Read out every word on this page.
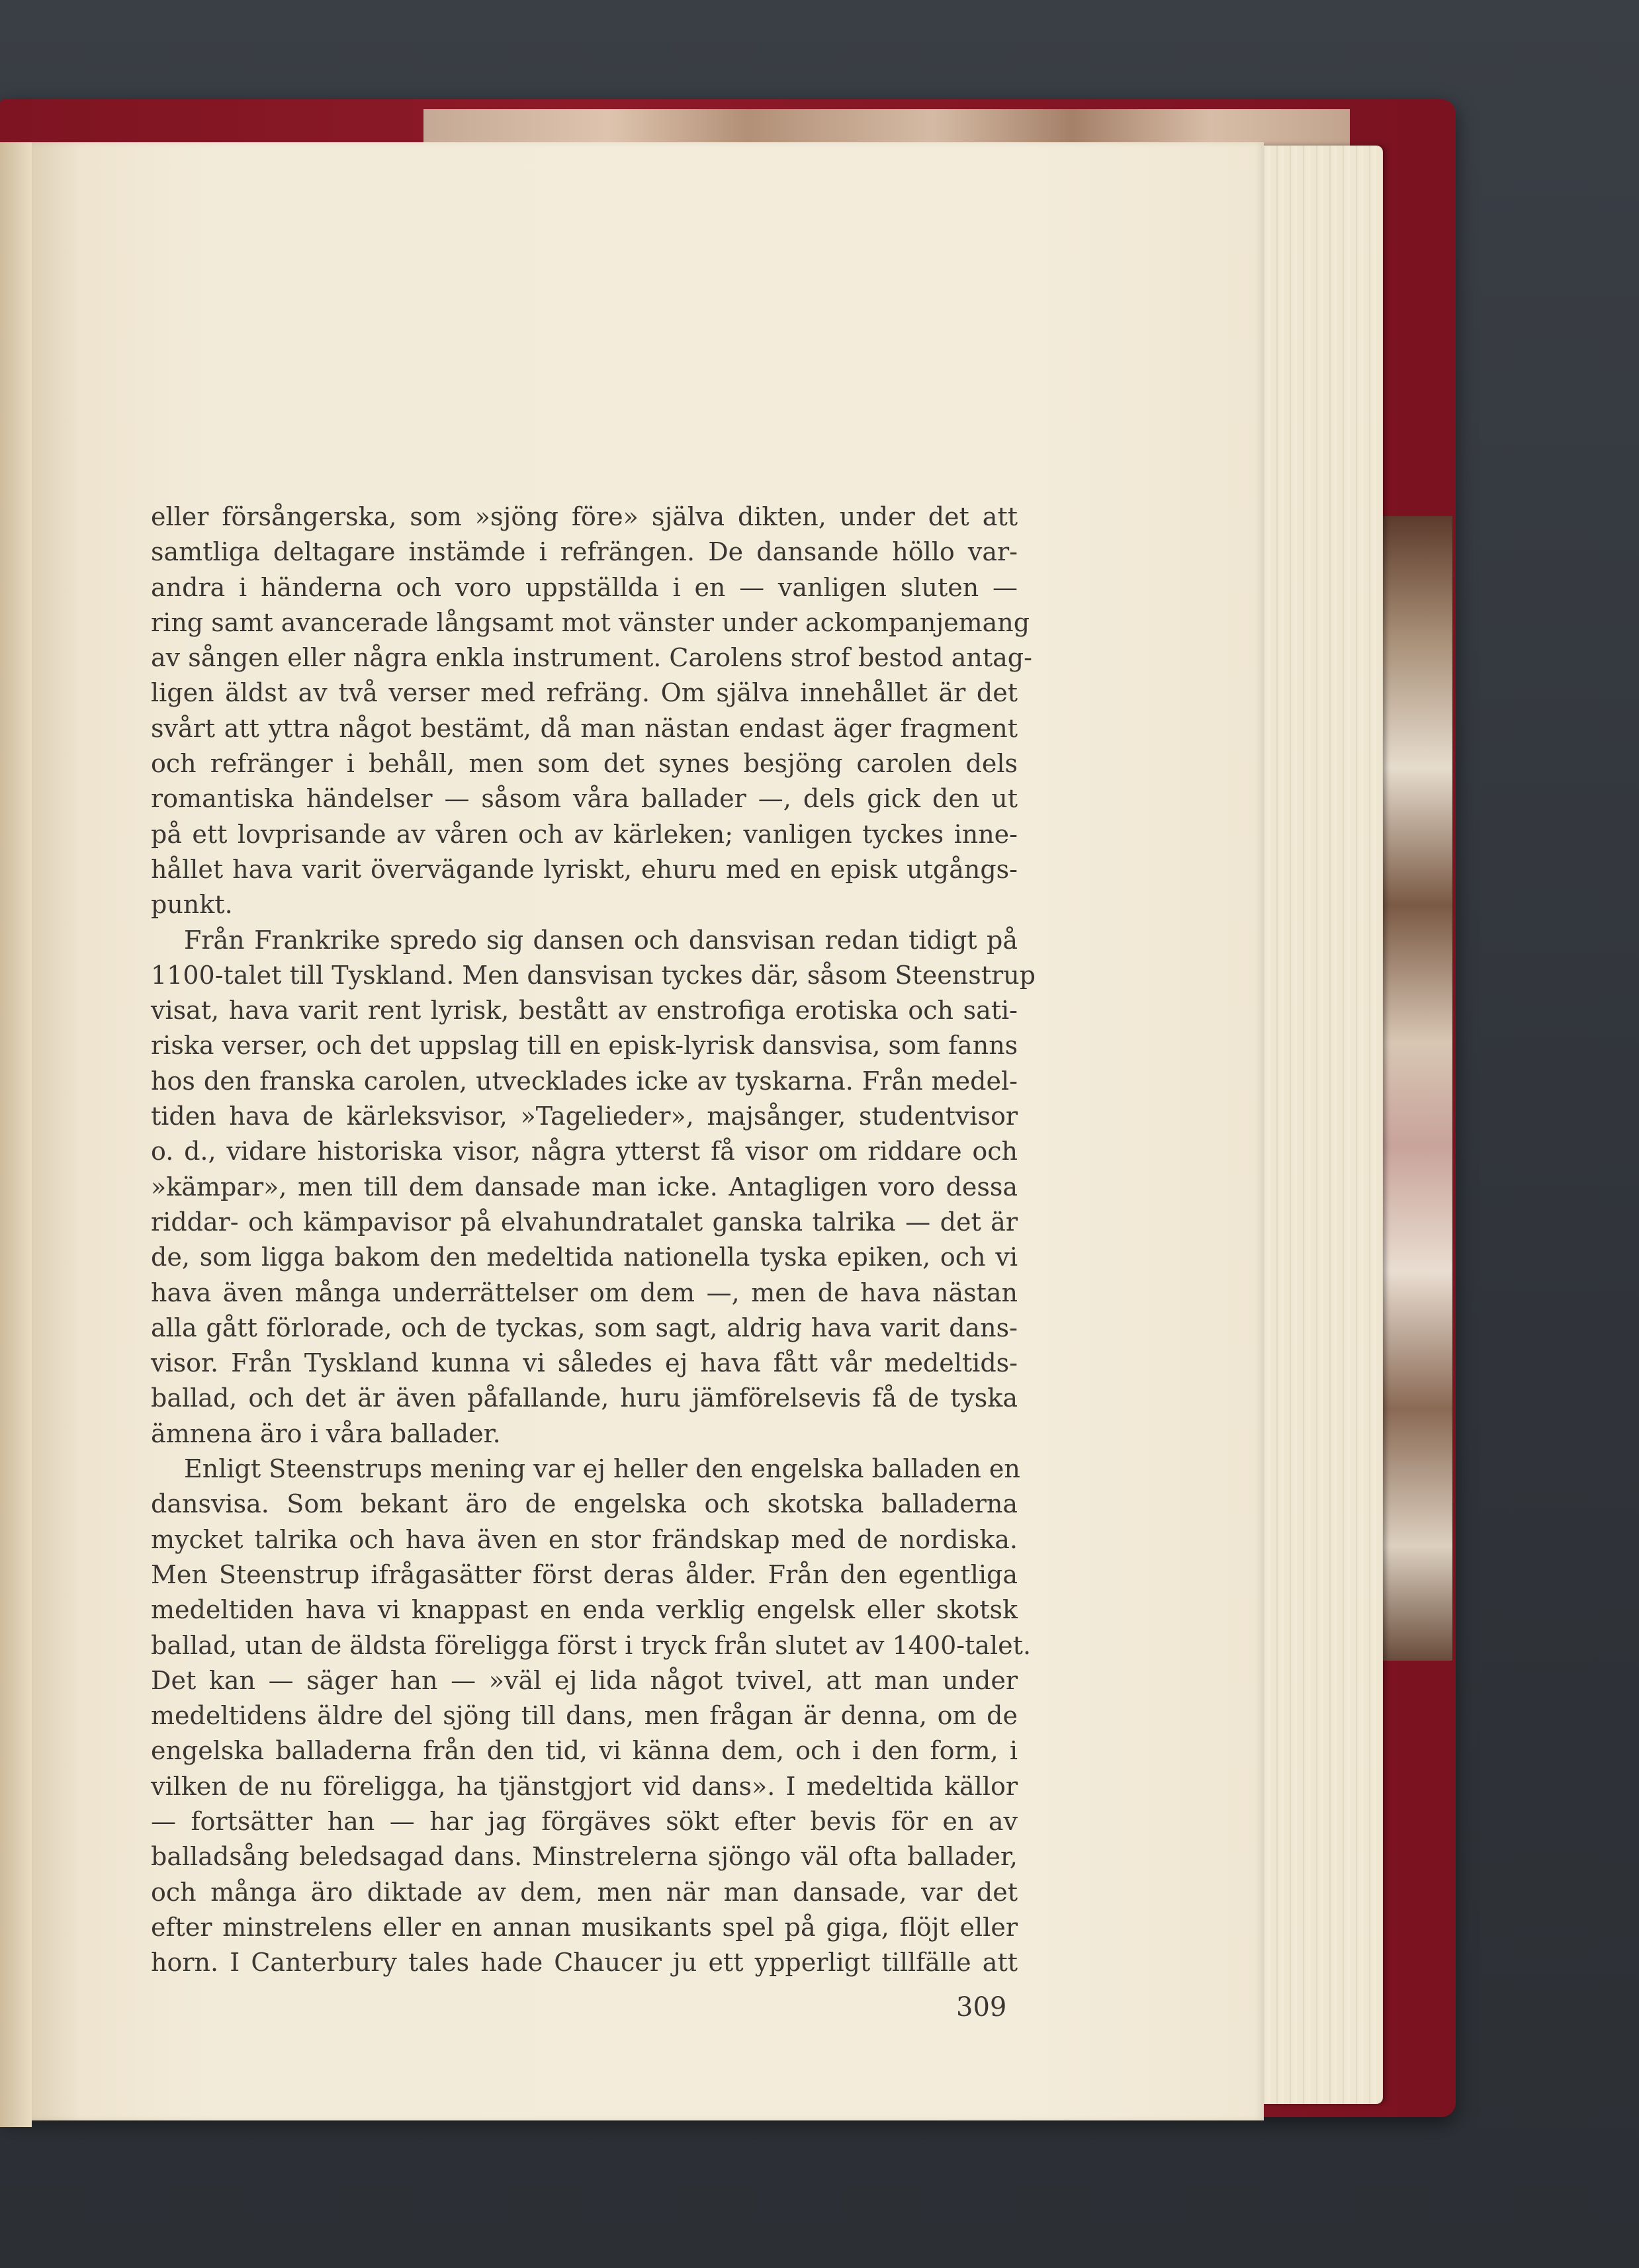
eller försångerska, som »sjöng före» själva dikten, under det att
samtliga deltagare instämde i refrängen. De dansande höllo var-
andra i händerna och voro uppställda i en — vanligen sluten —
ring samt avancerade långsamt mot vänster under ackompanjemang
av sången eller några enkla instrument. Carolens strof bestod antag-
ligen äldst av två verser med refräng. Om själva innehållet är det
svårt att yttra något bestämt, då man nästan endast äger fragment
och refränger i behåll, men som det synes besjöng carolen dels
romantiska händelser — såsom våra ballader —, dels gick den ut
på ett lovprisande av våren och av kärleken; vanligen tyckes inne-
hållet hava varit övervägande lyriskt, ehuru med en episk utgångs-
punkt.
Från Frankrike spredo sig dansen och dansvisan redan tidigt på
1100-talet till Tyskland. Men dansvisan tyckes där, såsom Steenstrup
visat, hava varit rent lyrisk, bestått av enstrofiga erotiska och sati-
riska verser, och det uppslag till en episk-lyrisk dansvisa, som fanns
hos den franska carolen, utvecklades icke av tyskarna. Från medel-
tiden hava de kärleksvisor, »Tagelieder», majsånger, studentvisor
o. d., vidare historiska visor, några ytterst få visor om riddare och
»kämpar», men till dem dansade man icke. Antagligen voro dessa
riddar- och kämpavisor på elvahundratalet ganska talrika — det är
de, som ligga bakom den medeltida nationella tyska epiken, och vi
hava även många underrättelser om dem —, men de hava nästan
alla gått förlorade, och de tyckas, som sagt, aldrig hava varit dans-
visor. Från Tyskland kunna vi således ej hava fått vår medeltids-
ballad, och det är även påfallande, huru jämförelsevis få de tyska
ämnena äro i våra ballader.
Enligt Steenstrups mening var ej heller den engelska balladen en
dansvisa. Som bekant äro de engelska och skotska balladerna
mycket talrika och hava även en stor frändskap med de nordiska.
Men Steenstrup ifrågasätter först deras ålder. Från den egentliga
medeltiden hava vi knappast en enda verklig engelsk eller skotsk
ballad, utan de äldsta föreligga först i tryck från slutet av 1400-talet.
Det kan — säger han — »väl ej lida något tvivel, att man under
medeltidens äldre del sjöng till dans, men frågan är denna, om de
engelska balladerna från den tid, vi känna dem, och i den form, i
vilken de nu föreligga, ha tjänstgjort vid dans». I medeltida källor
— fortsätter han — har jag förgäves sökt efter bevis för en av
balladsång beledsagad dans. Minstrelerna sjöngo väl ofta ballader,
och många äro diktade av dem, men när man dansade, var det
efter minstrelens eller en annan musikants spel på giga, flöjt eller
horn. I Canterbury tales hade Chaucer ju ett ypperligt tillfälle att
309
